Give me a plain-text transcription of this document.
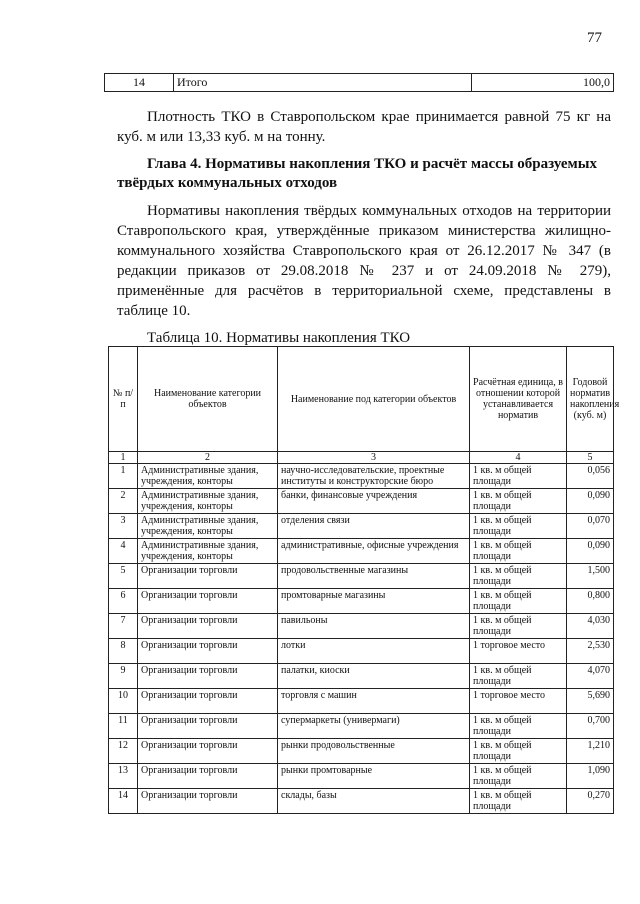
77
14	Итого	100,0

Плотность ТКО в Ставропольском крае принимается равной 75 кг на куб. м или 13,33 куб. м на тонну.

Глава 4. Нормативы накопления ТКО и расчёт массы образуемых твёрдых коммунальных отходов

Нормативы накопления твёрдых коммунальных отходов на территории Ставропольского края, утверждённые приказом министерства жилищно-коммунального хозяйства Ставропольского края от 26.12.2017 № 347 (в редакции приказов от 29.08.2018 № 237 и от 24.09.2018 № 279), применённые для расчётов в территориальной схеме, представлены в таблице 10.

Таблица 10. Нормативы накопления ТКО

№ п/п	Наименование категории объектов	Наименование под категории объектов	Расчётная единица, в отношении которой устанавливается норматив	Годовой норматив накопления (куб. м)
1	2	3	4	5
1	Административные здания, учреждения, конторы	научно-исследовательские, проектные институты и конструкторские бюро	1 кв. м общей площади	0,056
2	Административные здания, учреждения, конторы	банки, финансовые учреждения	1 кв. м общей площади	0,090
3	Административные здания, учреждения, конторы	отделения связи	1 кв. м общей площади	0,070
4	Административные здания, учреждения, конторы	административные, офисные учреждения	1 кв. м общей площади	0,090
5	Организации торговли	продовольственные магазины	1 кв. м общей площади	1,500
6	Организации торговли	промтоварные магазины	1 кв. м общей площади	0,800
7	Организации торговли	павильоны	1 кв. м общей площади	4,030
8	Организации торговли	лотки	1 торговое место	2,530
9	Организации торговли	палатки, киоски	1 кв. м общей площади	4,070
10	Организации торговли	торговля с машин	1 торговое место	5,690
11	Организации торговли	супермаркеты (универмаги)	1 кв. м общей площади	0,700
12	Организации торговли	рынки продовольственные	1 кв. м общей площади	1,210
13	Организации торговли	рынки промтоварные	1 кв. м общей площади	1,090
14	Организации торговли	склады, базы	1 кв. м общей площади	0,270
